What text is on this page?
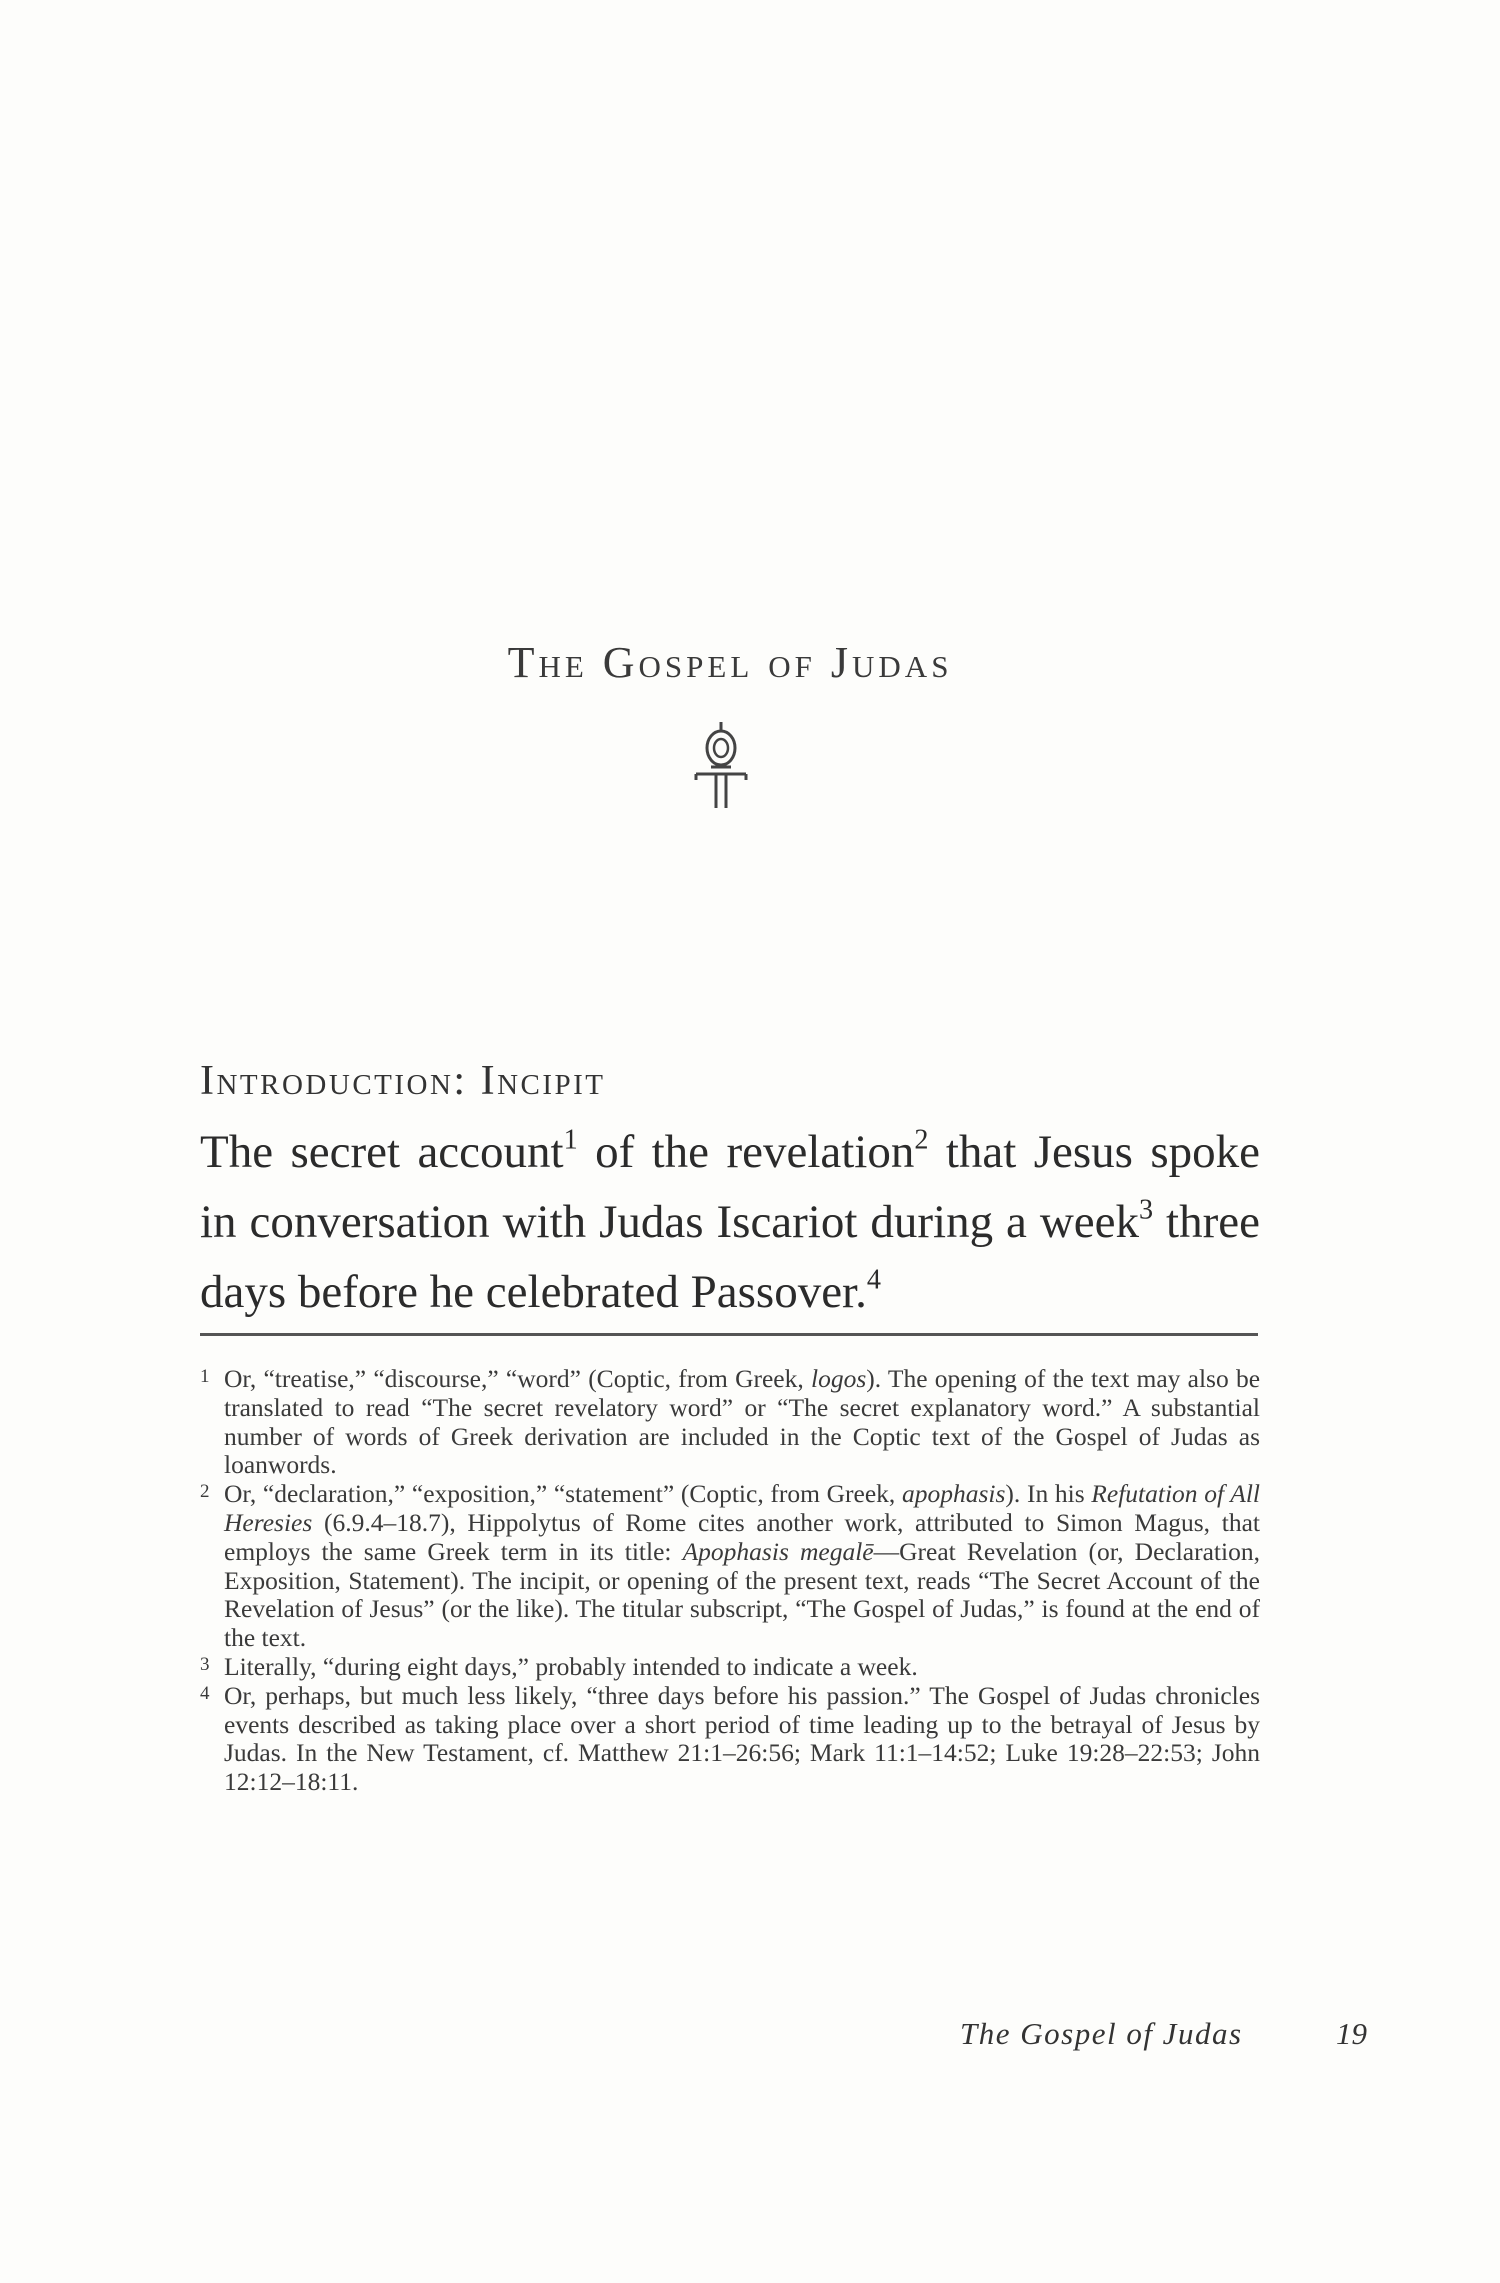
The Gospel of Judas
Introduction: Incipit

The secret account$^1$ of the revelation$^2$ that Jesus spoke in conversation with Judas Iscariot during a week$^3$ three days before he celebrated Passover.$^4$

1 Or, “treatise,” “discourse,” “word” (Coptic, from Greek, logos). The opening of the text may also be translated to read “The secret revelatory word” or “The secret explanatory word.” A substantial number of words of Greek derivation are included in the Coptic text of the Gospel of Judas as loanwords.

2 Or, “declaration,” “exposition,” “statement” (Coptic, from Greek, apophasis). In his Refutation of All Heresies (6.9.4–18.7), Hippolytus of Rome cites another work, attributed to Simon Magus, that employs the same Greek term in its title: Apophasis megalē—Great Revelation (or, Declaration, Exposition, Statement). The incipit, or opening of the present text, reads “The Secret Account of the Revelation of Jesus” (or the like). The titular subscript, “The Gospel of Judas,” is found at the end of the text.

3 Literally, “during eight days,” probably intended to indicate a week.

4 Or, perhaps, but much less likely, “three days before his passion.” The Gospel of Judas chronicles events described as taking place over a short period of time leading up to the betrayal of Jesus by Judas. In the New Testament, cf. Matthew 21:1–26:56; Mark 11:1–14:52; Luke 19:28–22:53; John 12:12–18:11.

The Gospel of Judas	19
